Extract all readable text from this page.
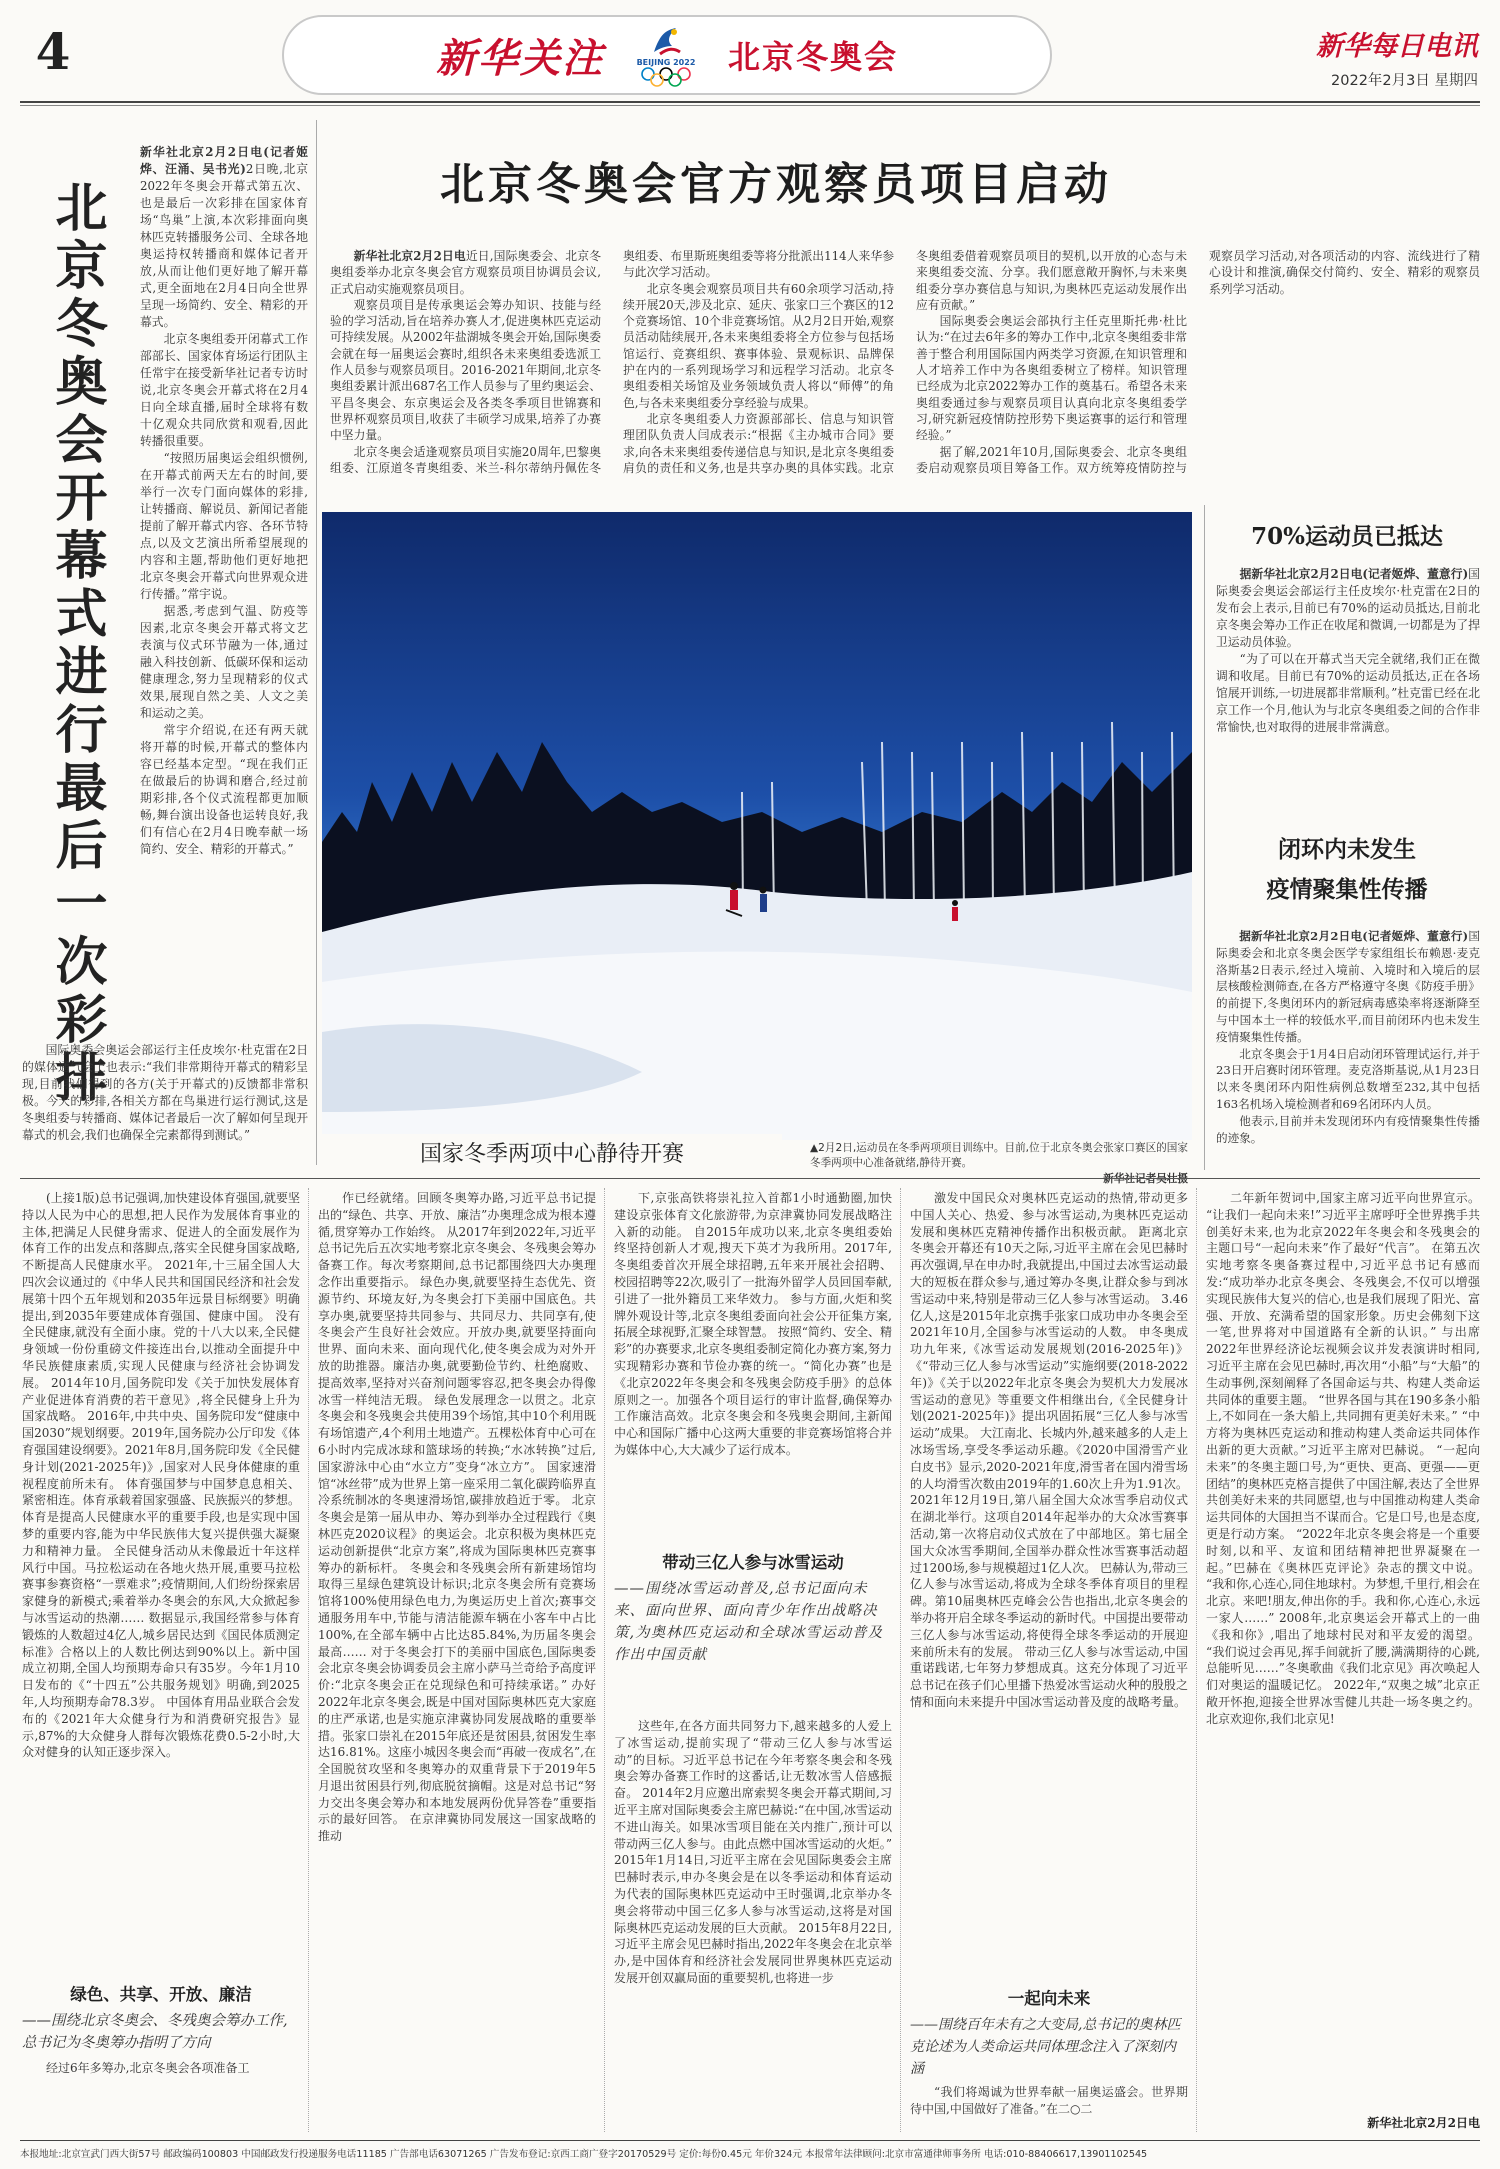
4	新华关注	BEIJING 2022 北京冬奥会	新华每日电讯
2022年2月3日 星期四
北京冬奥会开幕式进行最后一次彩排
新华社北京2月2日电(记者姬烨、汪涌、吴书光)2日晚,北京2022年冬奥会开幕式第五次、也是最后一次彩排在国家体育场“鸟巢”上演,本次彩排面向奥林匹克转播服务公司、全球各地奥运持权转播商和媒体记者开放,从而让他们更好地了解开幕式,更全面地在2月4日向全世界呈现一场简约、安全、精彩的开幕式。

北京冬奥组委开闭幕式工作部部长、国家体育场运行团队主任常宇在接受新华社记者专访时说,北京冬奥会开幕式将在2月4日向全球直播,届时全球将有数十亿观众共同欣赏和观看,因此转播很重要。

“按照历届奥运会组织惯例,在开幕式前两天左右的时间,要举行一次专门面向媒体的彩排,让转播商、解说员、新闻记者能提前了解开幕式内容、各环节特点,以及文艺演出所希望展现的内容和主题,帮助他们更好地把北京冬奥会开幕式向世界观众进行传播。”常宇说。

据悉,考虑到气温、防疫等因素,北京冬奥会开幕式将文艺表演与仪式环节融为一体,通过融入科技创新、低碳环保和运动健康理念,努力呈现精彩的仪式效果,展现自然之美、人文之美和运动之美。

常宇介绍说,在还有两天就将开幕的时候,开幕式的整体内容已经基本定型。“现在我们正在做最后的协调和磨合,经过前期彩排,各个仪式流程都更加顺畅,舞台演出设备也运转良好,我们有信心在2月4日晚奉献一场简约、安全、精彩的开幕式。”

国际奥委会奥运会部运行主任皮埃尔·杜克雷在2日的媒体通气会上也表示:“我们非常期待开幕式的精彩呈现,目前我们得到的各方(关于开幕式的)反馈都非常积极。今天的彩排,各相关方都在鸟巢进行运行测试,这是冬奥组委与转播商、媒体记者最后一次了解如何呈现开幕式的机会,我们也确保全完素都得到测试。”

北京冬奥会官方观察员项目启动

新华社北京2月2日电近日,国际奥委会、北京冬奥组委举办北京冬奥会官方观察员项目协调员会议,正式启动实施观察员项目。

观察员项目是传承奥运会筹办知识、技能与经验的学习活动,旨在培养办赛人才,促进奥林匹克运动可持续发展。从2002年盐湖城冬奥会开始,国际奥委会就在每一届奥运会赛时,组织各未来奥组委选派工作人员参与观察员项目。2016-2021年期间,北京冬奥组委累计派出687名工作人员参与了里约奥运会、平昌冬奥会、东京奥运会及各类冬季项目世锦赛和世界杯观察员项目,收获了丰硕学习成果,培养了办赛中坚力量。

北京冬奥会适逢观察员项目实施20周年,巴黎奥组委、江原道冬青奥组委、米兰-科尔蒂纳丹佩佐冬奥组委、布里斯班奥组委等将分批派出114人来华参与此次学习活动。

北京冬奥会观察员项目共有60余项学习活动,持续开展20天,涉及北京、延庆、张家口三个赛区的12个竞赛场馆、10个非竞赛场馆。从2月2日开始,观察员活动陆续展开,各未来奥组委将全方位参与包括场馆运行、竞赛组织、赛事体验、景观标识、品牌保护在内的一系列现场学习和远程学习活动。北京冬奥组委相关场馆及业务领域负责人将以“师傅”的角色,与各未来奥组委分享经验与成果。

北京冬奥组委人力资源部部长、信息与知识管理团队负责人闫成表示:“根据《主办城市合同》要求,向各未来奥组委传递信息与知识,是北京冬奥组委肩负的责任和义务,也是共享办奥的具体实践。北京冬奥组委借着观察员项目的契机,以开放的心态与未来奥组委交流、分享。我们愿意敞开胸怀,与未来奥组委分享办赛信息与知识,为奥林匹克运动发展作出应有贡献。”

国际奥委会奥运会部执行主任克里斯托弗·杜比认为:“在过去6年多的筹办工作中,北京冬奥组委非常善于整合利用国际国内两类学习资源,在知识管理和人才培养工作中为各奥组委树立了榜样。知识管理已经成为北京2022筹办工作的奠基石。希望各未来奥组委通过参与观察员项目认真向北京冬奥组委学习,研究新冠疫情防控形势下奥运赛事的运行和管理经验。”

据了解,2021年10月,国际奥委会、北京冬奥组委启动观察员项目筹备工作。双方统筹疫情防控与观察员学习活动,对各项活动的内容、流线进行了精心设计和推演,确保交付简约、安全、精彩的观察员系列学习活动。

国家冬季两项中心静待开赛	▲2月2日,运动员在冬季两项项目训练中。目前,位于北京冬奥会张家口赛区的国家冬季两项中心准备就绪,静待开赛。
新华社记者吴壮摄
70%运动员已抵达

据新华社北京2月2日电(记者姬烨、董意行)国际奥委会奥运会部运行主任皮埃尔·杜克雷在2日的发布会上表示,目前已有70%的运动员抵达,目前北京冬奥会筹办工作正在收尾和微调,一切都是为了捍卫运动员体验。

“为了可以在开幕式当天完全就绪,我们正在微调和收尾。目前已有70%的运动员抵达,正在各场馆展开训练,一切进展都非常顺利。”杜克雷已经在北京工作一个月,他认为与北京冬奥组委之间的合作非常愉快,也对取得的进展非常满意。

闭环内未发生
疫情聚集性传播

据新华社北京2月2日电(记者姬烨、董意行)国际奥委会和北京冬奥会医学专家组组长布赖恩·麦克洛斯基2日表示,经过入境前、入境时和入境后的层层核酸检测筛查,在各方严格遵守冬奥《防疫手册》的前提下,冬奥闭环内的新冠病毒感染率将逐渐降至与中国本土一样的较低水平,而目前闭环内也未发生疫情聚集性传播。

北京冬奥会于1月4日启动闭环管理试运行,并于23日开启赛时闭环管理。麦克洛斯基说,从1月23日以来冬奥闭环内阳性病例总数增至232,其中包括163名机场入境检测者和69名闭环内人员。

他表示,目前并未发现闭环内有疫情聚集性传播的迹象。

(上接1版)总书记强调,加快建设体育强国,就要坚持以人民为中心的思想,把人民作为发展体育事业的主体,把满足人民健身需求、促进人的全面发展作为体育工作的出发点和落脚点,落实全民健身国家战略,不断提高人民健康水平。 2021年,十三届全国人大四次会议通过的《中华人民共和国国民经济和社会发展第十四个五年规划和2035年远景目标纲要》明确提出,到2035年要建成体育强国、健康中国。 没有全民健康,就没有全面小康。党的十八大以来,全民健身领域一份份重磅文件接连出台,以推动全面提升中华民族健康素质,实现人民健康与经济社会协调发展。 2014年10月,国务院印发《关于加快发展体育产业促进体育消费的若干意见》,将全民健身上升为国家战略。 2016年,中共中央、国务院印发“健康中国2030”规划纲要。2019年,国务院办公厅印发《体育强国建设纲要》。2021年8月,国务院印发《全民健身计划(2021-2025年)》,国家对人民身体健康的重视程度前所未有。 体育强国梦与中国梦息息相关、紧密相连。体育承载着国家强盛、民族振兴的梦想。体育是提高人民健康水平的重要手段,也是实现中国梦的重要内容,能为中华民族伟大复兴提供强大凝聚力和精神力量。 全民健身活动从未像最近十年这样风行中国。马拉松运动在各地火热开展,重要马拉松赛事参赛资格“一票难求”;疫情期间,人们纷纷探索居家健身的新模式;乘着举办冬奥会的东风,大众掀起参与冰雪运动的热潮…… 数据显示,我国经常参与体育锻炼的人数超过4亿人,城乡居民达到《国民体质测定标准》合格以上的人数比例达到90%以上。新中国成立初期,全国人均预期寿命只有35岁。今年1月10日发布的《“十四五”公共服务规划》明确,到2025年,人均预期寿命78.3岁。 中国体育用品业联合会发布的《2021年大众健身行为和消费研究报告》显示,87%的大众健身人群每次锻炼花费0.5-2小时,大众对健身的认知正逐步深入。

绿色、共享、开放、廉洁
——围绕北京冬奥会、冬残奥会筹办工作,总书记为冬奥筹办指明了方向
经过6年多筹办,北京冬奥会各项准备工

作已经就绪。回顾冬奥筹办路,习近平总书记提出的“绿色、共享、开放、廉洁”办奥理念成为根本遵循,贯穿筹办工作始终。 从2017年到2022年,习近平总书记先后五次实地考察北京冬奥会、冬残奥会筹办备赛工作。每次考察期间,总书记都围绕四大办奥理念作出重要指示。 绿色办奥,就要坚持生态优先、资源节约、环境友好,为冬奥会打下美丽中国底色。共享办奥,就要坚持共同参与、共同尽力、共同享有,使冬奥会产生良好社会效应。开放办奥,就要坚持面向世界、面向未来、面向现代化,使冬奥会成为对外开放的助推器。廉洁办奥,就要勤俭节约、杜绝腐败、提高效率,坚持对兴奋剂问题零容忍,把冬奥会办得像冰雪一样纯洁无瑕。 绿色发展理念一以贯之。北京冬奥会和冬残奥会共使用39个场馆,其中10个利用既有场馆遗产,4个利用土地遗产。五棵松体育中心可在6小时内完成冰球和篮球场的转换;“水冰转换”过后,国家游泳中心由“水立方”变身“冰立方”。 国家速滑馆“冰丝带”成为世界上第一座采用二氧化碳跨临界直冷系统制冰的冬奥速滑场馆,碳排放趋近于零。 北京冬奥会是第一届从申办、筹办到举办全过程践行《奥林匹克2020议程》的奥运会。北京积极为奥林匹克运动创新提供“北京方案”,将成为国际奥林匹克赛事筹办的新标杆。 冬奥会和冬残奥会所有新建场馆均取得三星绿色建筑设计标识;北京冬奥会所有竞赛场馆将100%使用绿色电力,为奥运历史上首次;赛事交通服务用车中,节能与清洁能源车辆在小客车中占比100%,在全部车辆中占比达85.84%,为历届冬奥会最高…… 对于冬奥会打下的美丽中国底色,国际奥委会北京冬奥会协调委员会主席小萨马兰奇给予高度评价:“北京冬奥会正在兑现绿色和可持续承诺。” 办好2022年北京冬奥会,既是中国对国际奥林匹克大家庭的庄严承诺,也是实施京津冀协同发展战略的重要举措。张家口崇礼在2015年底还是贫困县,贫困发生率达16.81%。这座小城因冬奥会而“再破一夜成名”,在全国脱贫攻坚和冬奥筹办的双重背景下于2019年5月退出贫困县行列,彻底脱贫摘帽。这是对总书记“努力交出冬奥会筹办和本地发展两份优异答卷”重要指示的最好回答。 在京津冀协同发展这一国家战略的推动

下,京张高铁将崇礼拉入首都1小时通勤圈,加快建设京张体育文化旅游带,为京津冀协同发展战略注入新的动能。 自2015年成功以来,北京冬奥组委始终坚持创新人才观,搜天下英才为我所用。2017年,冬奥组委首次开展全球招聘,五年来开展社会招聘、校园招聘等22次,吸引了一批海外留学人员回国奉献,引进了一批外籍员工来华效力。 参与方面,火炬和奖牌外观设计等,北京冬奥组委面向社会公开征集方案,拓展全球视野,汇聚全球智慧。 按照“简约、安全、精彩”的办赛要求,北京冬奥组委制定简化办赛方案,努力实现精彩办赛和节俭办赛的统一。“简化办赛”也是《北京2022年冬奥会和冬残奥会防疫手册》的总体原则之一。加强各个项目运行的审计监督,确保筹办工作廉洁高效。北京冬奥会和冬残奥会期间,主新闻中心和国际广播中心这两大重要的非竞赛场馆将合并为媒体中心,大大减少了运行成本。

带动三亿人参与冰雪运动
——围绕冰雪运动普及,总书记面向未来、面向世界、面向青少年作出战略决策,为奥林匹克运动和全球冰雪运动普及作出中国贡献

这些年,在各方面共同努力下,越来越多的人爱上了冰雪运动,提前实现了“带动三亿人参与冰雪运动”的目标。习近平总书记在今年考察冬奥会和冬残奥会筹办备赛工作时的这番话,让无数冰雪人倍感振奋。 2014年2月应邀出席索契冬奥会开幕式期间,习近平主席对国际奥委会主席巴赫说:“在中国,冰雪运动不进山海关。如果冰雪项目能在关内推广,预计可以带动两三亿人参与。由此点燃中国冰雪运动的火炬。” 2015年1月14日,习近平主席在会见国际奥委会主席巴赫时表示,申办冬奥会是在以冬季运动和体育运动为代表的国际奥林匹克运动中王时强调,北京举办冬奥会将带动中国三亿多人参与冰雪运动,这将是对国际奥林匹克运动发展的巨大贡献。 2015年8月22日,习近平主席会见巴赫时指出,2022年冬奥会在北京举办,是中国体育和经济社会发展同世界奥林匹克运动发展开创双赢局面的重要契机,也将进一步

激发中国民众对奥林匹克运动的热情,带动更多中国人关心、热爱、参与冰雪运动,为奥林匹克运动发展和奥林匹克精神传播作出积极贡献。 距离北京冬奥会开幕还有10天之际,习近平主席在会见巴赫时再次强调,早在申办时,我就提出,中国过去冰雪运动最大的短板在群众参与,通过筹办冬奥,让群众参与到冰雪运动中来,特别是带动三亿人参与冰雪运动。 3.46亿人,这是2015年北京携手张家口成功申办冬奥会至2021年10月,全国参与冰雪运动的人数。 申冬奥成功九年来,《冰雪运动发展规划(2016-2025年)》《“带动三亿人参与冰雪运动”实施纲要(2018-2022年)》《关于以2022年北京冬奥会为契机大力发展冰雪运动的意见》等重要文件相继出台,《全民健身计划(2021-2025年)》提出巩固拓展“三亿人参与冰雪运动”成果。 大江南北、长城内外,越来越多的人走上冰场雪场,享受冬季运动乐趣。《2020中国滑雪产业白皮书》显示,2020-2021年度,滑雪者在国内滑雪场的人均滑雪次数由2019年的1.60次上升为1.91次。 2021年12月19日,第八届全国大众冰雪季启动仪式在湖北举行。这项自2014年起举办的大众冰雪赛事活动,第一次将启动仪式放在了中部地区。第七届全国大众冰雪季期间,全国举办群众性冰雪赛事活动超过1200场,参与规模超过1亿人次。 巴赫认为,带动三亿人参与冰雪运动,将成为全球冬季体育项目的里程碑。第10届奥林匹克峰会公告也指出,北京冬奥会的举办将开启全球冬季运动的新时代。中国提出要带动三亿人参与冰雪运动,将使得全球冬季运动的开展迎来前所未有的发展。 带动三亿人参与冰雪运动,中国重诺践诺,七年努力梦想成真。这充分体现了习近平总书记在孩子们心里播下热爱冰雪运动火种的殷殷之情和面向未来提升中国冰雪运动普及度的战略考量。

一起向未来
——围绕百年未有之大变局,总书记的奥林匹克论述为人类命运共同体理念注入了深刻内涵
“我们将竭诚为世界奉献一届奥运盛会。世界期待中国,中国做好了准备。”在二○二

二年新年贺词中,国家主席习近平向世界宣示。 “让我们一起向未来!”习近平主席呼吁全世界携手共创美好未来,也为北京2022年冬奥会和冬残奥会的主题口号“一起向未来”作了最好“代言”。 在第五次实地考察冬奥备赛过程中,习近平总书记有感而发:“成功举办北京冬奥会、冬残奥会,不仅可以增强实现民族伟大复兴的信心,也是我们展现了阳光、富强、开放、充满希望的国家形象。历史会佛刻下这一笔,世界将对中国道路有全新的认识。” 与出席2022年世界经济论坛视频会议并发表演讲时相同,习近平主席在会见巴赫时,再次用“小船”与“大船”的生动事例,深刻阐释了各国命运与共、构建人类命运共同体的重要主题。 “世界各国与其在190多条小船上,不如同在一条大船上,共同拥有更美好未来。” “中方将为奥林匹克运动和推动构建人类命运共同体作出新的更大贡献。”习近平主席对巴赫说。 “一起向未来”的冬奥主题口号,为“更快、更高、更强——更团结”的奥林匹克格言提供了中国注解,表达了全世界共创美好未来的共同愿望,也与中国推动构建人类命运共同体的大国担当不谋而合。它是口号,也是态度,更是行动方案。 “2022年北京冬奥会将是一个重要时刻,以和平、友谊和团结精神把世界凝聚在一起。”巴赫在《奥林匹克评论》杂志的撰文中说。 “我和你,心连心,同住地球村。为梦想,千里行,相会在北京。来吧!朋友,伸出你的手。我和你,心连心,永远一家人……” 2008年,北京奥运会开幕式上的一曲《我和你》,唱出了地球村民对和平友爱的渴望。 “我们说过会再见,挥手间就折了腰,满满期待的心跳,总能听见……”冬奥歌曲《我们北京见》再次唤起人们对奥运的温暖记忆。 2022年,“双奥之城”北京正敞开怀抱,迎接全世界冰雪健儿共赴一场冬奥之约。 北京欢迎你,我们北京见!

新华社北京2月2日电
本报地址:北京宣武门西大街57号 邮政编码100803 中国邮政发行投递服务电话11185 广告部电话63071265 广告发布登记:京西工商广登字20170529号 定价:每份0.45元 年价324元 本报常年法律顾问:北京市富通律师事务所 电话:010-88406617,13901102545
